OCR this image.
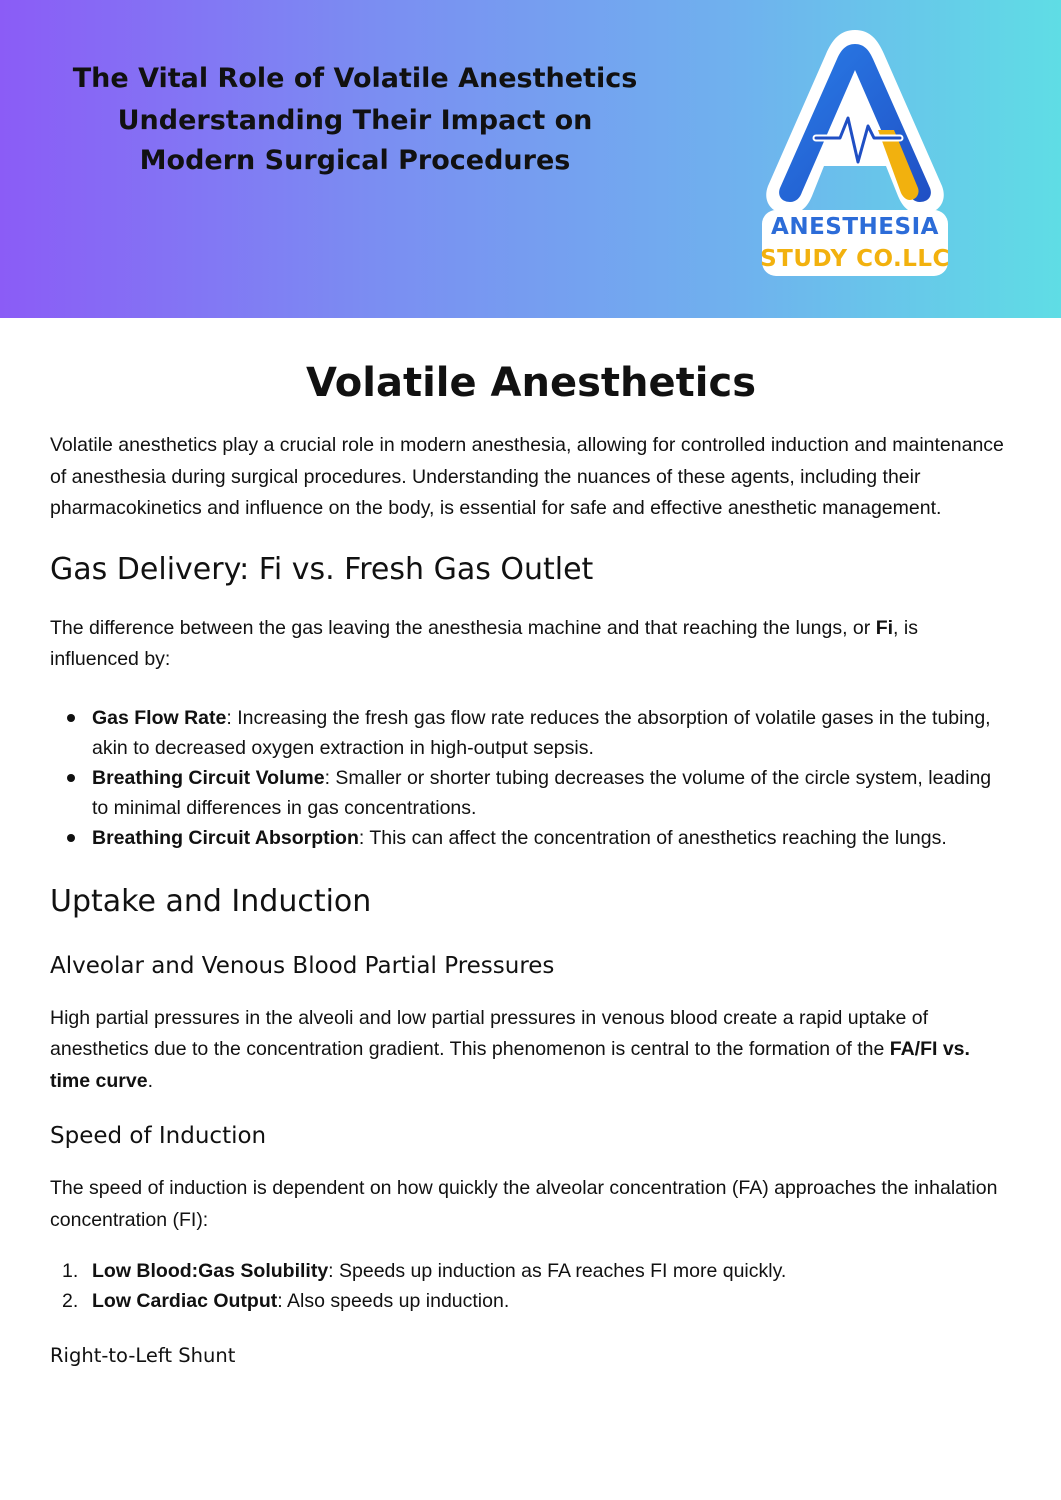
The Vital Role of Volatile Anesthetics

Understanding Their Impact on Modern Surgical Procedures

ANESTHESIA
STUDY CO.LLC
Volatile Anesthetics

Volatile anesthetics play a crucial role in modern anesthesia, allowing for controlled induction and maintenance of anesthesia during surgical procedures. Understanding the nuances of these agents, including their pharmacokinetics and influence on the body, is essential for safe and effective anesthetic management.

Gas Delivery: Fi vs. Fresh Gas Outlet

The difference between the gas leaving the anesthesia machine and that reaching the lungs, or Fi, is influenced by:

Gas Flow Rate: Increasing the fresh gas flow rate reduces the absorption of volatile gases in the tubing, akin to decreased oxygen extraction in high-output sepsis.
Breathing Circuit Volume: Smaller or shorter tubing decreases the volume of the circle system, leading to minimal differences in gas concentrations.
Breathing Circuit Absorption: This can affect the concentration of anesthetics reaching the lungs.
Uptake and Induction
Alveolar and Venous Blood Partial Pressures

High partial pressures in the alveoli and low partial pressures in venous blood create a rapid uptake of anesthetics due to the concentration gradient. This phenomenon is central to the formation of the FA/FI vs. time curve.

Speed of Induction

The speed of induction is dependent on how quickly the alveolar concentration (FA) approaches the inhalation concentration (FI):

1. Low Blood:Gas Solubility: Speeds up induction as FA reaches FI more quickly.
2. Low Cardiac Output: Also speeds up induction.

Right-to-Left Shunt
